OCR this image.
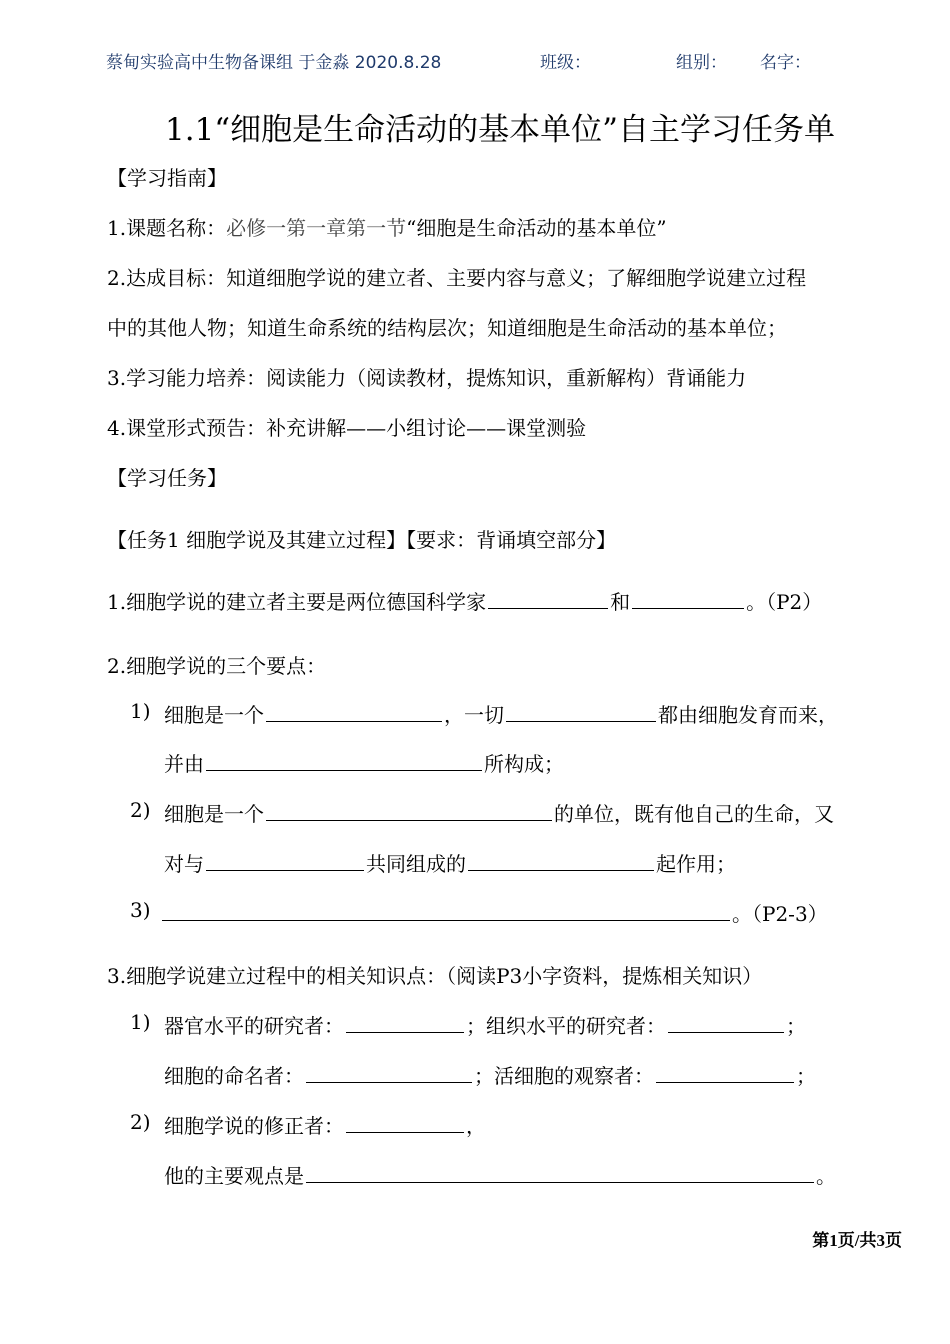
蔡甸实验高中生物备课组 于金淼 2020.8.28	班级：	组别： 名字：
1.1“细胞是生命活动的基本单位”自主学习任务单
【学习指南】
1.课题名称：必修一第一章第一节“细胞是生命活动的基本单位”
2.达成目标：知道细胞学说的建立者、主要内容与意义；了解细胞学说建立过程
中的其他人物；知道生命系统的结构层次；知道细胞是生命活动的基本单位；
3.学习能力培养：阅读能力（阅读教材，提炼知识，重新解构）背诵能力
4.课堂形式预告：补充讲解——小组讨论——课堂测验
【学习任务】
【任务1 细胞学说及其建立过程】【要求：背诵填空部分】
1.细胞学说的建立者主要是两位德国科学家	和	。（P2）
2.细胞学说的三个要点：
1) 细胞是一个	，一切	都由细胞发育而来，
并由	所构成；
2) 细胞是一个	的单位，既有他自己的生命，又
对与	共同组成的	起作用；
3)	。（P2-3）
3.细胞学说建立过程中的相关知识点：（阅读P3小字资料，提炼相关知识）
1) 器官水平的研究者：	；组织水平的研究者：	；
细胞的命名者：	；活细胞的观察者：	；
2) 细胞学说的修正者：	，
他的主要观点是	。
第1页/共3页
